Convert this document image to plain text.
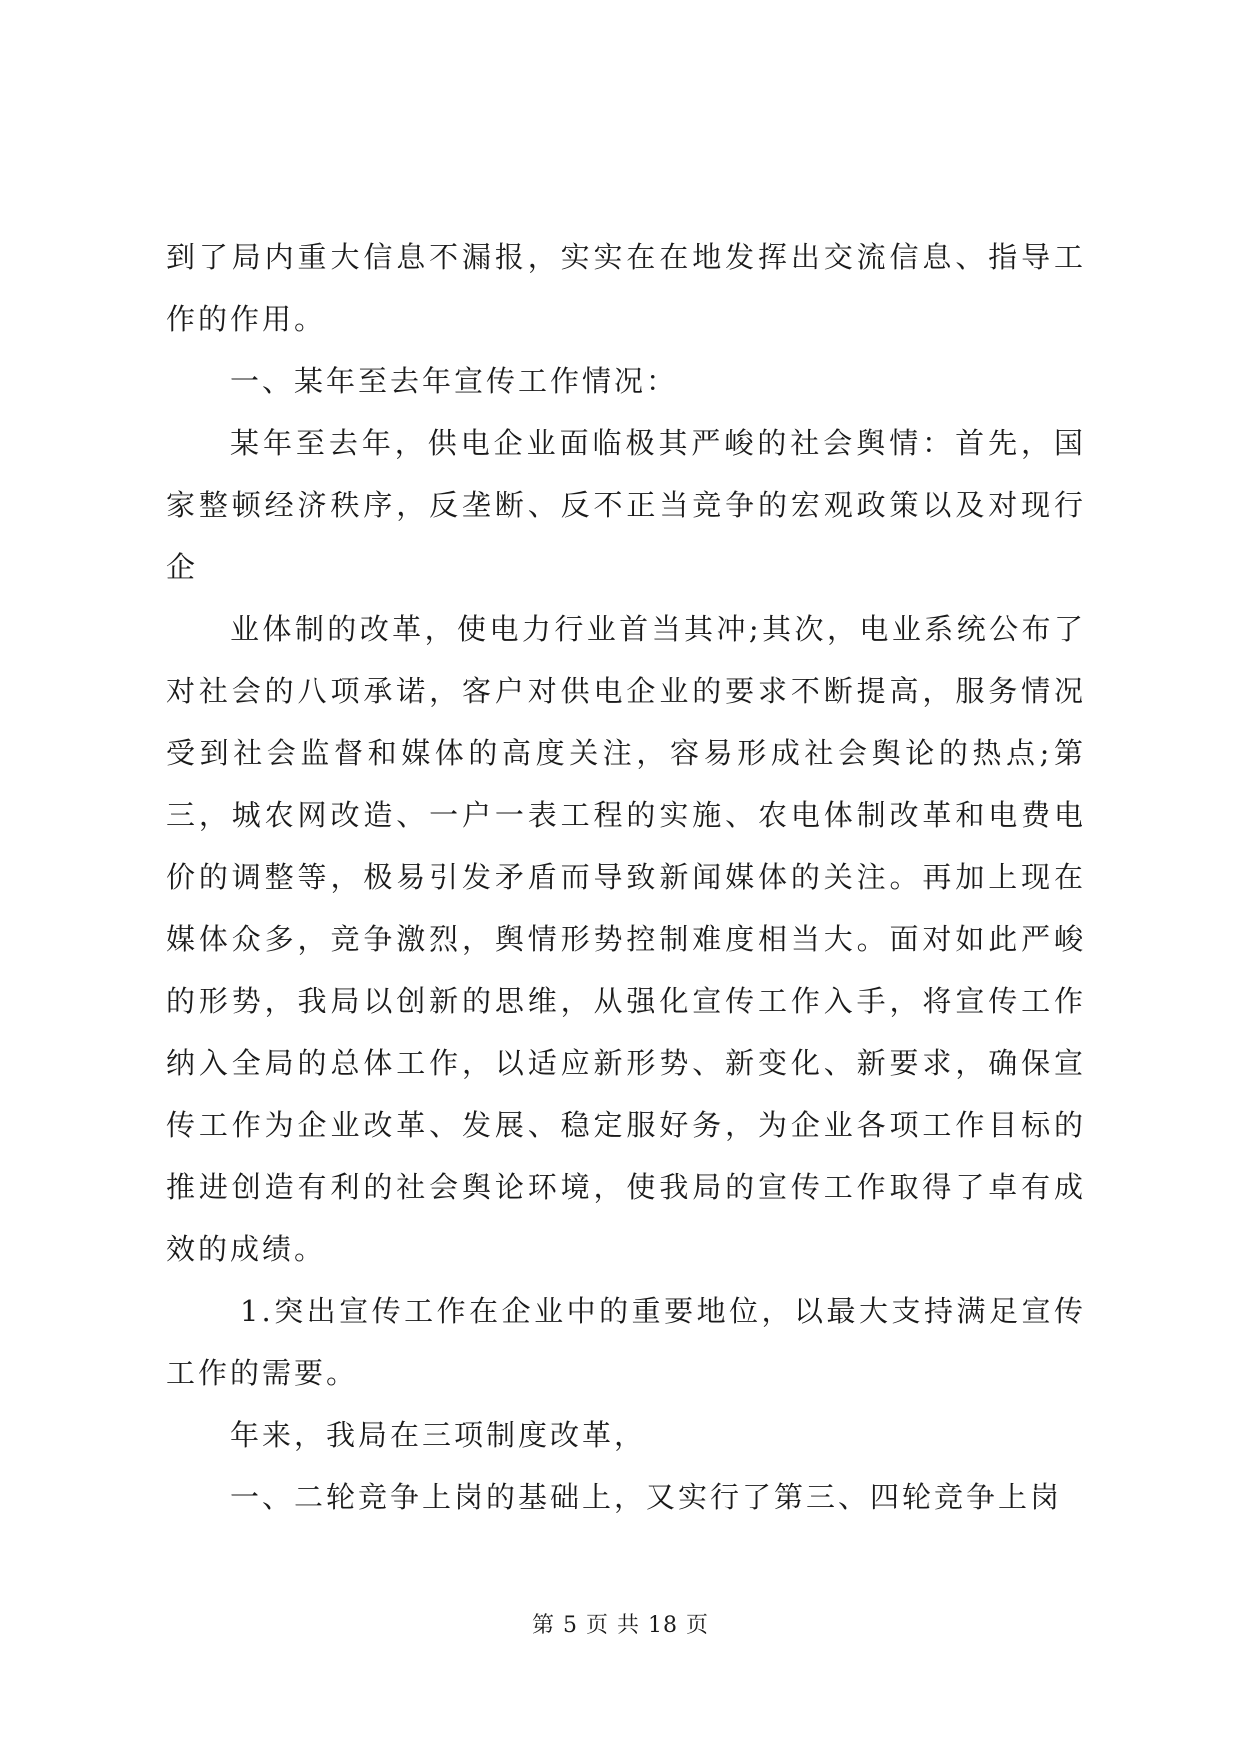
到了局内重大信息不漏报，实实在在地发挥出交流信息、指导工作的作用。

一、某年至去年宣传工作情况：

某年至去年，供电企业面临极其严峻的社会舆情：首先，国家整顿经济秩序，反垄断、反不正当竞争的宏观政策以及对现行企

业体制的改革，使电力行业首当其冲;其次，电业系统公布了对社会的八项承诺，客户对供电企业的要求不断提高，服务情况受到社会监督和媒体的高度关注，容易形成社会舆论的热点;第三，城农网改造、一户一表工程的实施、农电体制改革和电费电价的调整等，极易引发矛盾而导致新闻媒体的关注。再加上现在媒体众多，竞争激烈，舆情形势控制难度相当大。面对如此严峻的形势，我局以创新的思维，从强化宣传工作入手，将宣传工作纳入全局的总体工作，以适应新形势、新变化、新要求，确保宣传工作为企业改革、发展、稳定服好务，为企业各项工作目标的推进创造有利的社会舆论环境，使我局的宣传工作取得了卓有成效的成绩。

1.突出宣传工作在企业中的重要地位，以最大支持满足宣传工作的需要。

年来，我局在三项制度改革，

一、二轮竞争上岗的基础上，又实行了第三、四轮竞争上岗

第 5 页 共 18 页
